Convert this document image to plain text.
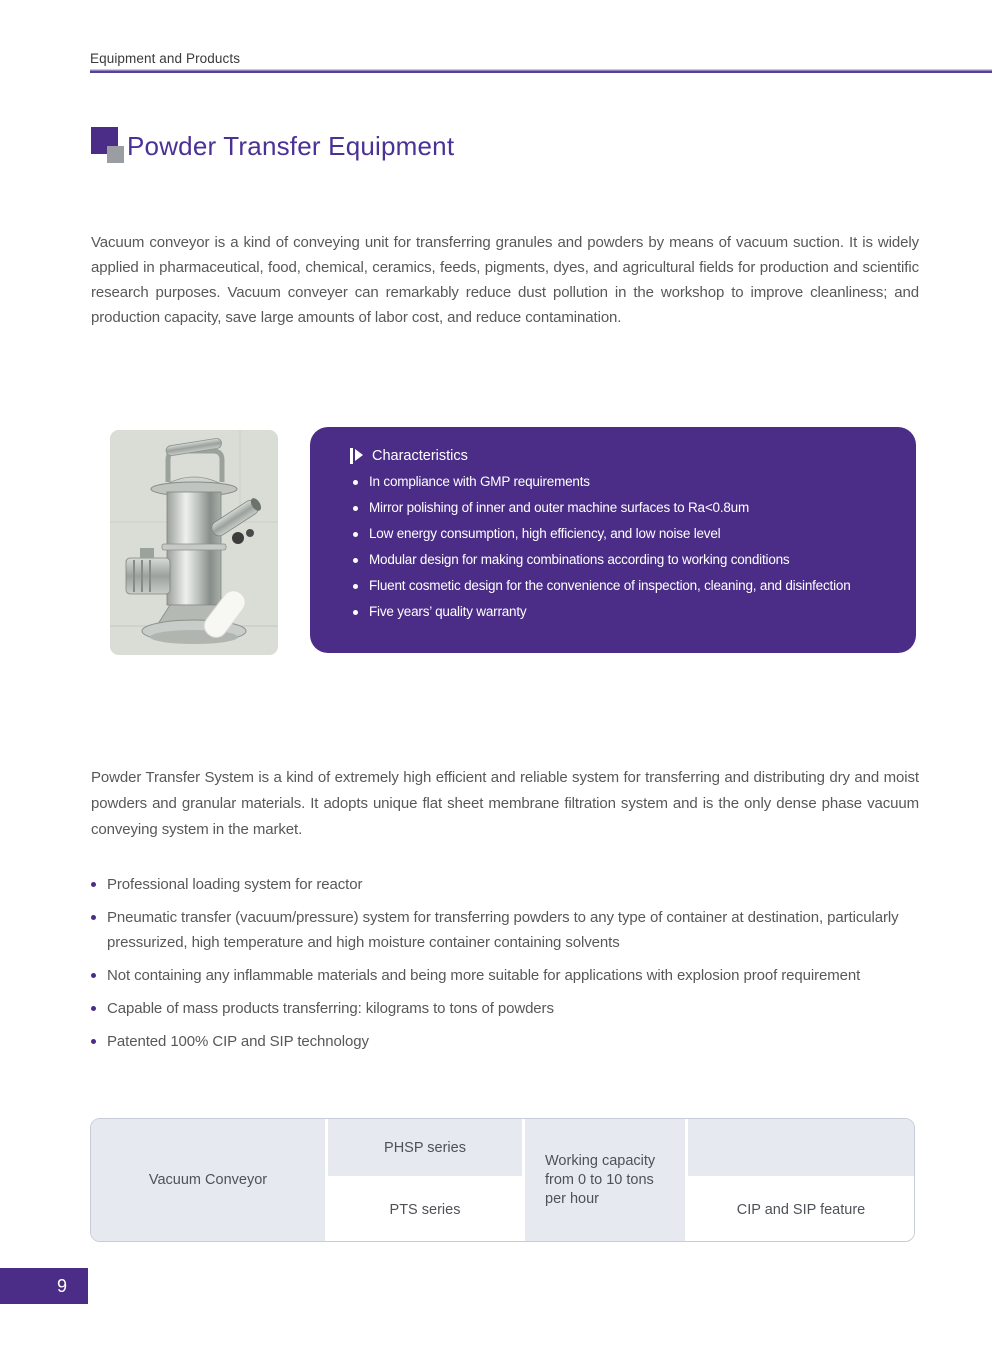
Equipment and Products
Powder Transfer Equipment

Vacuum conveyor is a kind of conveying unit for transferring granules and powders by means of vacuum suction. It is widely applied in pharmaceutical, food, chemical, ceramics, feeds, pigments, dyes, and agricultural fields for production and scientific research purposes. Vacuum conveyer can remarkably reduce dust pollution in the workshop to improve cleanliness; and production capacity, save large amounts of labor cost, and reduce contamination.

Characteristics
In compliance with GMP requirements
Mirror polishing of inner and outer machine surfaces to Ra<0.8um
Low energy consumption, high efficiency, and low noise level
Modular design for making combinations according to working conditions
Fluent cosmetic design for the convenience of inspection, cleaning, and disinfection
Five years’ quality warranty

Powder Transfer System is a kind of extremely high efficient and reliable system for transferring and distributing dry and moist powders and granular materials. It adopts unique flat sheet membrane filtration system and is the only dense phase vacuum conveying system in the market.

Professional loading system for reactor
Pneumatic transfer (vacuum/pressure) system for transferring powders to any type of container at destination, particularly pressurized, high temperature and high moisture container containing solvents
Not containing any inflammable materials and being more suitable for applications with explosion proof requirement
Capable of mass products transferring: kilograms to tons of powders
Patented 100% CIP and SIP technology
Vacuum Conveyor
PHSP series
PTS series
Working capacity from 0 to 10 tons per hour
CIP and SIP feature
9
